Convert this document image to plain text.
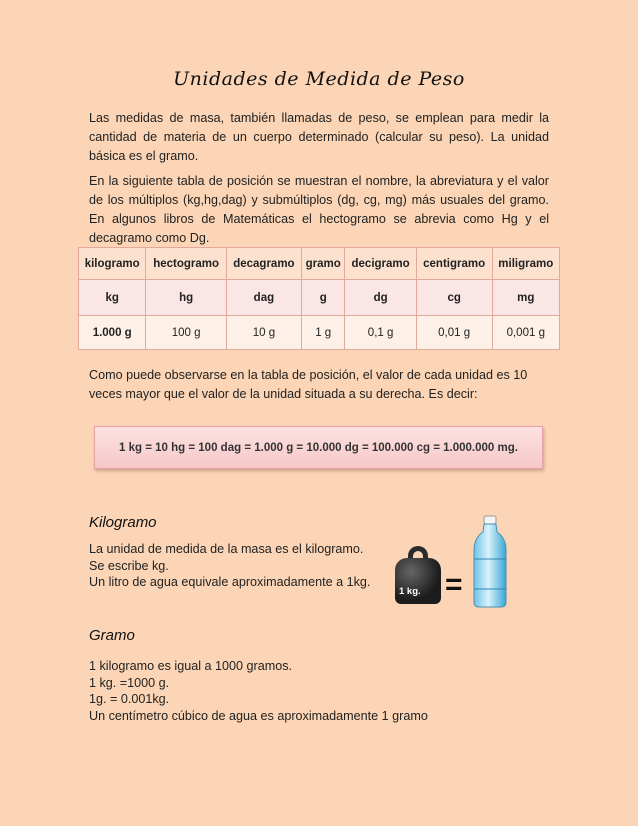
Unidades de Medida de Peso
Las medidas de masa, también llamadas de peso, se emplean para medir la cantidad de materia de un cuerpo determinado (calcular su peso). La unidad básica es el gramo.
En la siguiente tabla de posición se muestran el nombre, la abreviatura y el valor de los múltiplos (kg,hg,dag) y submúltiplos (dg, cg, mg) más usuales del gramo. En algunos libros de Matemáticas el hectogramo se abrevia como Hg y el decagramo como Dg.
kilogramo	hectogramo	decagramo	gramo	decigramo	centigramo	miligramo
kg	hg	dag	g	dg	cg	mg
1.000 g	100 g	10 g	1 g	0,1 g	0,01 g	0,001 g
Como puede observarse en la tabla de posición, el valor de cada unidad es 10 veces mayor que el valor de la unidad situada a su derecha. Es decir:
1 kg = 10 hg = 100 dag = 1.000 g = 10.000 dg = 100.000 cg = 1.000.000 mg.
Kilogramo
La unidad de medida de la masa es el kilogramo.
Se escribe kg.
Un litro de agua equivale aproximadamente a 1kg.
1 kg. =
Gramo
1 kilogramo es igual a 1000 gramos.
1 kg. =1000 g.
1g. = 0.001kg.
Un centímetro cúbico de agua es aproximadamente 1 gramo
